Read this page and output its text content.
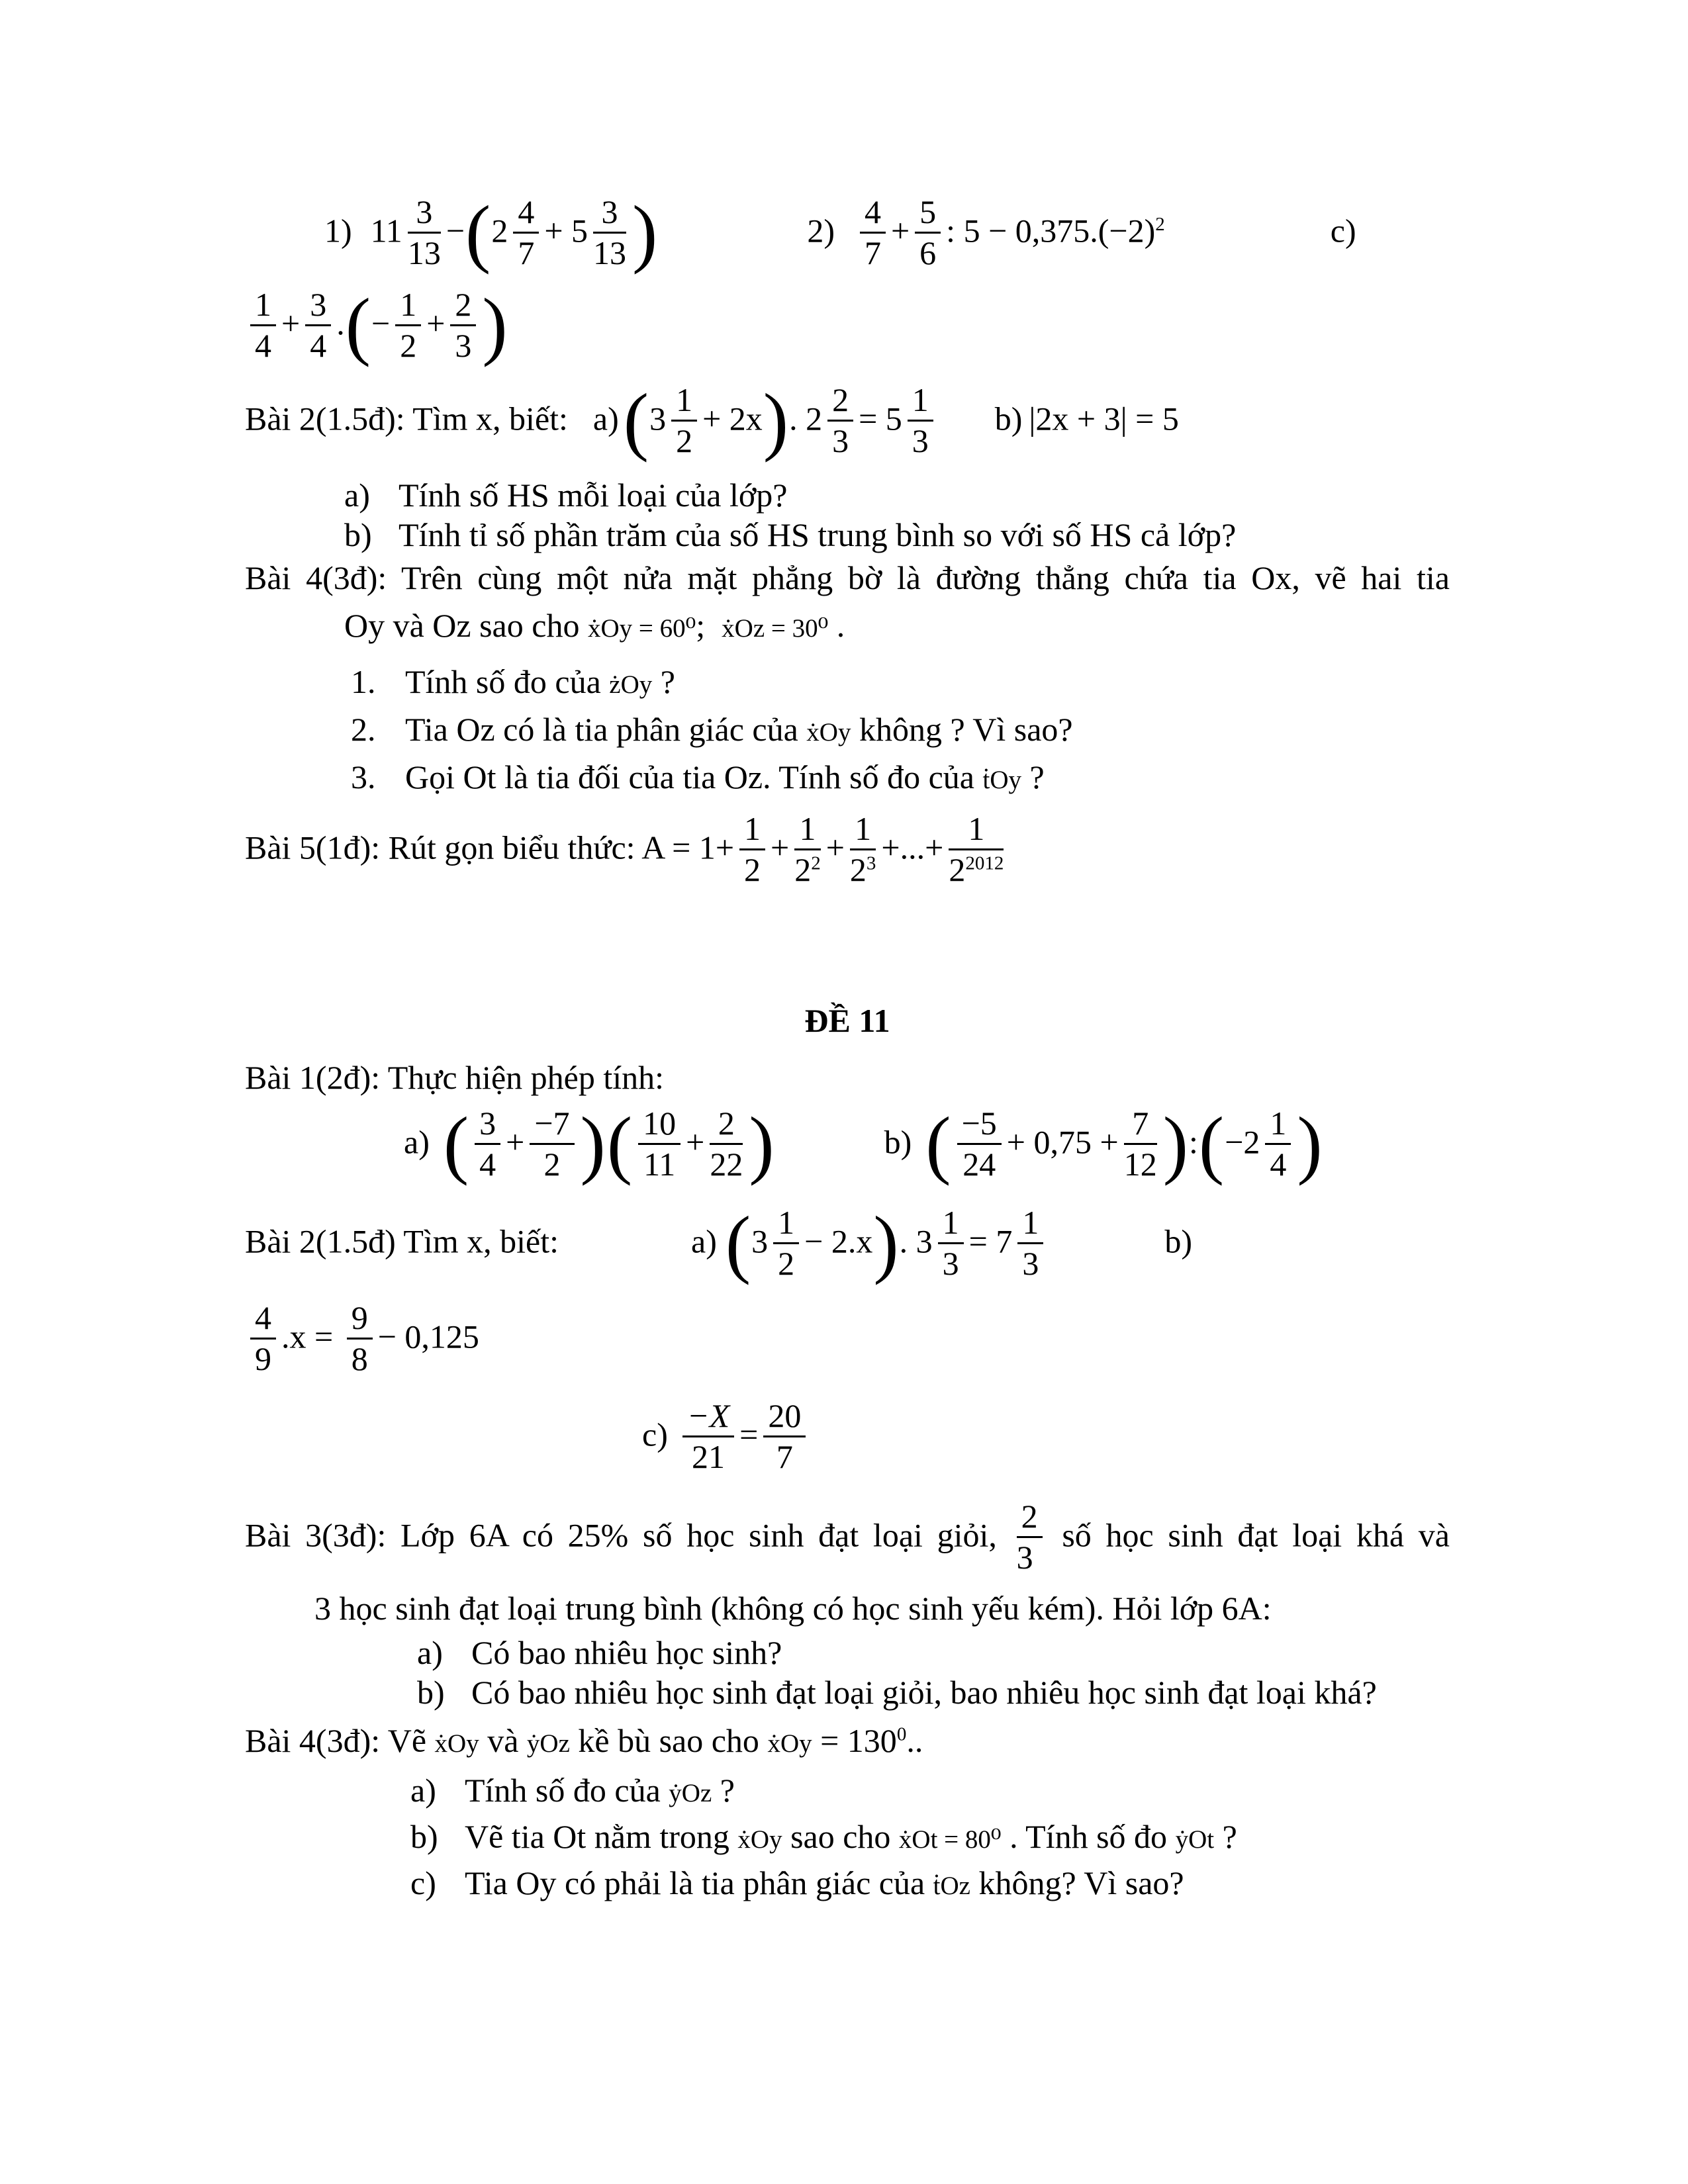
1) $11 \frac{3}{13} -(2 \frac{4}{7} + 5 \frac{3}{13}$ )	$2) \frac{4}{7} + \frac{5}{6}$ : $5 - 0,375.(-2)^2$	c)

$\frac{1}{4} + \frac{3}{4}$ .(− $\frac{1}{2} + \frac{2}{3}$ )

Bài 2(1.5đ): Tìm x, biết: $a)(3 \frac{1}{2} + 2x)$. $2 \frac{2}{3} = 5 \frac{1}{3} b$) |2x + 3| = 5

a) Tính số HS mỗi loại của lớp?
b) Tính tỉ số phần trăm của số HS trung bình so với số HS cả lớp?

Bài 4(3đ): Trên cùng một nửa mặt phẳng bờ là đường thẳng chứa tia Ox, vẽ hai tia

Oy và Oz sao cho ẋOy = 60⁰;  ẋOz = 30⁰ .

1. Tính số đo của żOy ?
2. Tia Oz có là tia phân giác của ẋOy không ? Vì sao?
3. Gọi Ot là tia đối của tia Oz. Tính số đo của ṫOy ?

Bài 5(1đ): Rút gọn biểu thức: $A = 1+ \frac{1}{2} + \frac{1}{2^2} + \frac{1}{2^3}$ +...+ $\frac{1}{2^{2012}}$

ĐỀ 11

Bài 1(2đ): Thực hiện phép tính:

a) ( $\frac{3}{4} + \frac{-7}{2}$ )( $\frac{10}{11} + \frac{2}{22}$ )	b) ( $\frac{-5}{24} + 0,75 + \frac{7}{12}$ ):(−2 $\frac{1}{4}$ )

Bài 2(1.5đ) Tìm x, biết:	a) $(3 \frac{1}{2} - 2.x)$. $3 \frac{1}{3} = 7 \frac{1}{3}$	b)

$\frac{4}{9} .x = \frac{9}{8} - 0,125$

$c) \frac{-X}{21} = \frac{20}{7}$

Bài 3(3đ): Lớp 6A có 25% số học sinh đạt loại giỏi, $\frac{2}{3}$ số học sinh đạt loại khá và

3 học sinh đạt loại trung bình (không có học sinh yếu kém). Hỏi lớp 6A:

a) Có bao nhiêu học sinh?
b) Có bao nhiêu học sinh đạt loại giỏi, bao nhiêu học sinh đạt loại khá?

Bài 4(3đ): Vẽ ẋOy và ẏOz kề bù sao cho ẋOy = $130^0$..

a) Tính số đo của ẏOz ?
b) Vẽ tia Ot nằm trong ẋOy sao cho ẋOt = 80⁰ . Tính số đo ẏOt ?
c) Tia Oy có phải là tia phân giác của ṫOz không? Vì sao?
